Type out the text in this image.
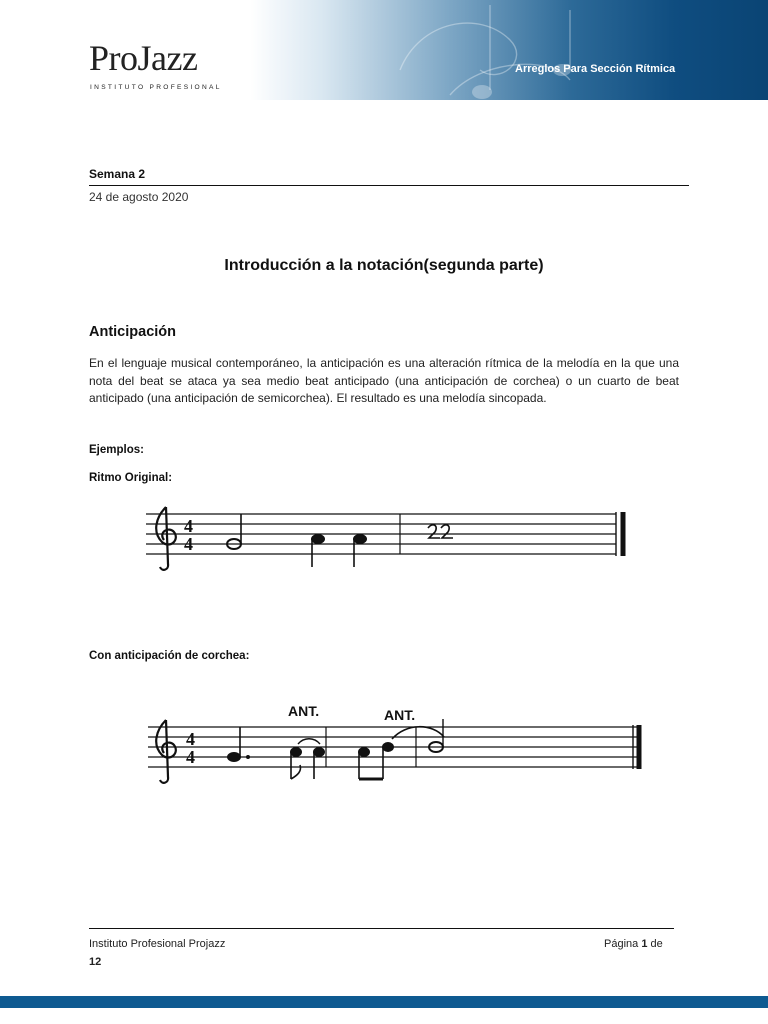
ProJazz
INSTITUTO PROFESIONAL
Arreglos Para Sección Rítmica
Semana 2
24 de agosto 2020
Introducción a la notación(segunda parte)
Anticipación
En el lenguaje musical contemporáneo, la anticipación es una alteración rítmica de la melodía en la que una nota del beat se ataca ya sea medio beat anticipado (una anticipación de corchea) o un cuarto de beat anticipado (una anticipación de semicorchea). El resultado es una melodía sincopada.
Ejemplos:
Ritmo Original:
4
4
Con anticipación de corchea:
4
4
ANT.	ANT.
Instituto Profesional Projazz	Página 1 de
12
